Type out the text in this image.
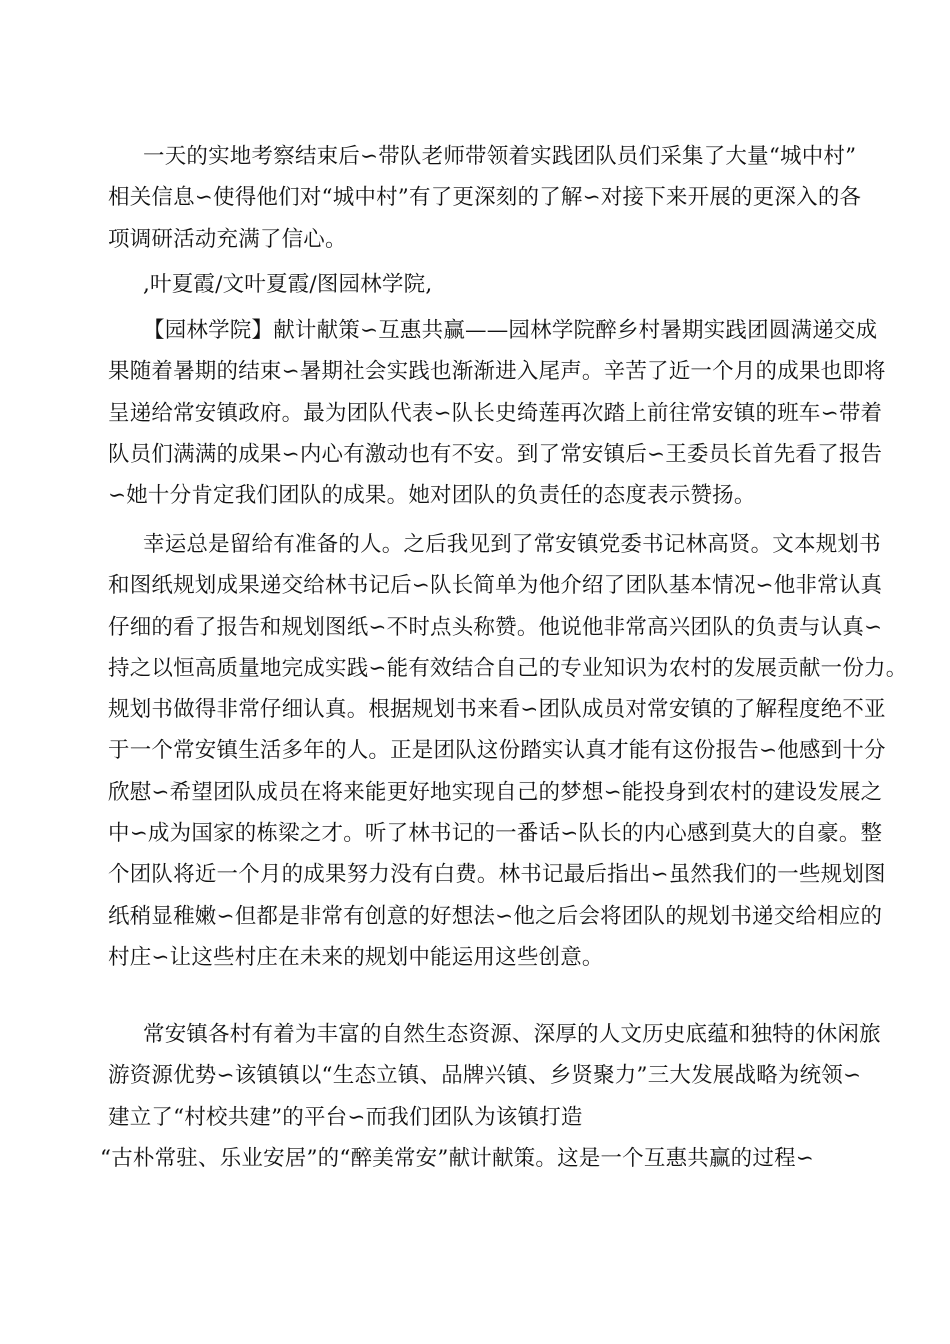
一天的实地考察结束后∽带队老师带领着实践团队员们采集了大量“城中村”
相关信息∽使得他们对“城中村”有了更深刻的了解∽对接下来开展的更深入的各
项调研活动充满了信心。

,叶夏霞/文叶夏霞/图园林学院,

【园林学院】献计献策∽互惠共赢——园林学院醉乡村暑期实践团圆满递交成
果随着暑期的结束∽暑期社会实践也渐渐进入尾声。辛苦了近一个月的成果也即将
呈递给常安镇政府。最为团队代表∽队长史绮莲再次踏上前往常安镇的班车∽带着
队员们满满的成果∽内心有激动也有不安。到了常安镇后∽王委员长首先看了报告
∽她十分肯定我们团队的成果。她对团队的负责任的态度表示赞扬。

幸运总是留给有准备的人。之后我见到了常安镇党委书记林高贤。文本规划书
和图纸规划成果递交给林书记后∽队长简单为他介绍了团队基本情况∽他非常认真
仔细的看了报告和规划图纸∽不时点头称赞。他说他非常高兴团队的负责与认真∽
持之以恒高质量地完成实践∽能有效结合自己的专业知识为农村的发展贡献一份力。
规划书做得非常仔细认真。根据规划书来看∽团队成员对常安镇的了解程度绝不亚
于一个常安镇生活多年的人。正是团队这份踏实认真才能有这份报告∽他感到十分
欣慰∽希望团队成员在将来能更好地实现自己的梦想∽能投身到农村的建设发展之
中∽成为国家的栋梁之才。听了林书记的一番话∽队长的内心感到莫大的自豪。整
个团队将近一个月的成果努力没有白费。林书记最后指出∽虽然我们的一些规划图
纸稍显稚嫩∽但都是非常有创意的好想法∽他之后会将团队的规划书递交给相应的
村庄∽让这些村庄在未来的规划中能运用这些创意。

常安镇各村有着为丰富的自然生态资源、深厚的人文历史底蕴和独特的休闲旅
游资源优势∽该镇镇以“生态立镇、品牌兴镇、乡贤聚力”三大发展战略为统领∽
建立了“村校共建”的平台∽而我们团队为该镇打造
“古朴常驻、乐业安居”的“醉美常安”献计献策。这是一个互惠共赢的过程∽
